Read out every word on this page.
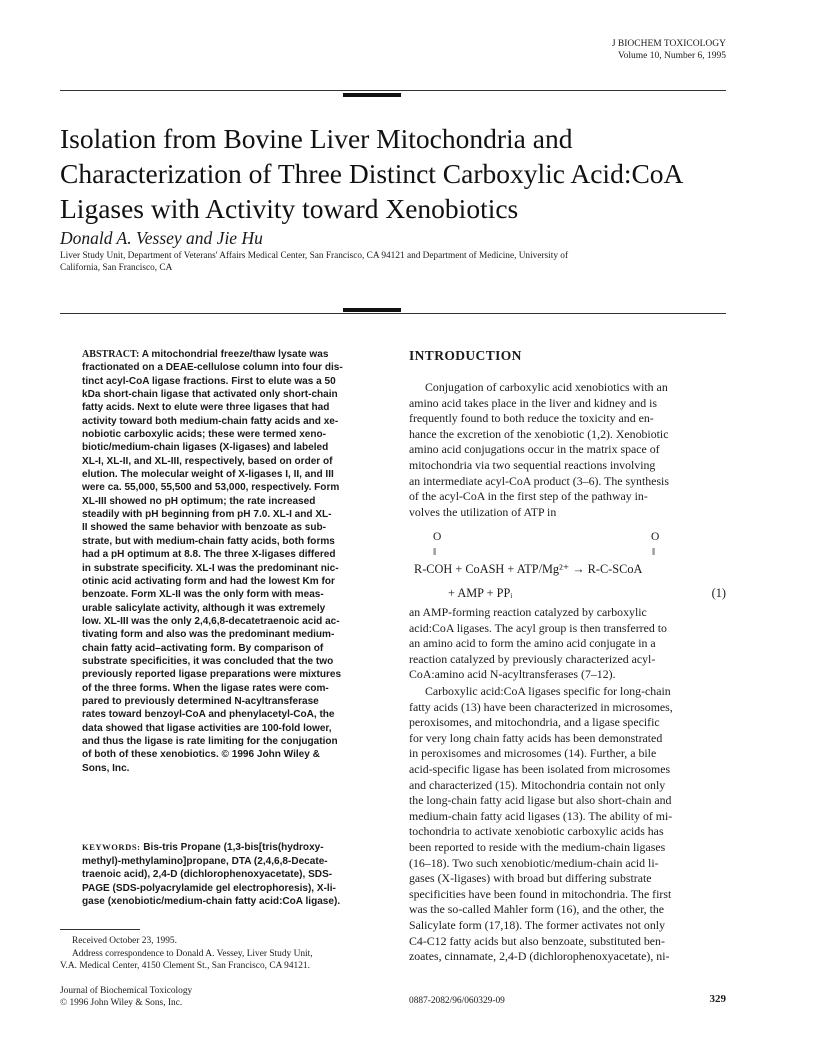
J BIOCHEM TOXICOLOGY
Volume 10, Number 6, 1995
Isolation from Bovine Liver Mitochondria and
Characterization of Three Distinct Carboxylic Acid:CoA
Ligases with Activity toward Xenobiotics
Donald A. Vessey and Jie Hu
Liver Study Unit, Department of Veterans' Affairs Medical Center, San Francisco, CA 94121 and Department of Medicine, University of
California, San Francisco, CA
ABSTRACT: A mitochondrial freeze/thaw lysate was
fractionated on a DEAE-cellulose column into four dis-
tinct acyl-CoA ligase fractions. First to elute was a 50
kDa short-chain ligase that activated only short-chain
fatty acids. Next to elute were three ligases that had
activity toward both medium-chain fatty acids and xe-
nobiotic carboxylic acids; these were termed xeno-
biotic/medium-chain ligases (X-ligases) and labeled
XL-I, XL-II, and XL-III, respectively, based on order of
elution. The molecular weight of X-ligases I, II, and III
were ca. 55,000, 55,500 and 53,000, respectively. Form
XL-III showed no pH optimum; the rate increased
steadily with pH beginning from pH 7.0. XL-I and XL-
II showed the same behavior with benzoate as sub-
strate, but with medium-chain fatty acids, both forms
had a pH optimum at 8.8. The three X-ligases differed
in substrate specificity. XL-I was the predominant nic-
otinic acid activating form and had the lowest Km for
benzoate. Form XL-II was the only form with meas-
urable salicylate activity, although it was extremely
low. XL-III was the only 2,4,6,8-decatetraenoic acid ac-
tivating form and also was the predominant medium-
chain fatty acid–activating form. By comparison of
substrate specificities, it was concluded that the two
previously reported ligase preparations were mixtures
of the three forms. When the ligase rates were com-
pared to previously determined N-acyltransferase
rates toward benzoyl-CoA and phenylacetyl-CoA, the
data showed that ligase activities are 100-fold lower,
and thus the ligase is rate limiting for the conjugation
of both of these xenobiotics. © 1996 John Wiley &
Sons, Inc.
KEYWORDS: Bis-tris Propane (1,3-bis[tris(hydroxy-
methyl)-methylamino]propane, DTA (2,4,6,8-Decate-
traenoic acid), 2,4-D (dichlorophenoxyacetate), SDS-
PAGE (SDS-polyacrylamide gel electrophoresis), X-li-
gase (xenobiotic/medium-chain fatty acid:CoA ligase).

Received October 23, 1995.

Address correspondence to Donald A. Vessey, Liver Study Unit,

V.A. Medical Center, 4150 Clement St., San Francisco, CA 94121.

Journal of Biochemical Toxicology
© 1996 John Wiley & Sons, Inc.	0887-2082/96/060329-09	329
INTRODUCTION
Conjugation of carboxylic acid xenobiotics with an
amino acid takes place in the liver and kidney and is
frequently found to both reduce the toxicity and en-
hance the excretion of the xenobiotic (1,2). Xenobiotic
amino acid conjugations occur in the matrix space of
mitochondria via two sequential reactions involving
an intermediate acyl-CoA product (3–6). The synthesis
of the acyl-CoA in the first step of the pathway in-
volves the utilization of ATP in
O	O
‖	‖
R-COH + CoASH + ATP/Mg²⁺ → R-C-SCoA
+ AMP + PPᵢ	(1)
an AMP-forming reaction catalyzed by carboxylic
acid:CoA ligases. The acyl group is then transferred to
an amino acid to form the amino acid conjugate in a
reaction catalyzed by previously characterized acyl-
CoA:amino acid N-acyltransferases (7–12).
Carboxylic acid:CoA ligases specific for long-chain
fatty acids (13) have been characterized in microsomes,
peroxisomes, and mitochondria, and a ligase specific
for very long chain fatty acids has been demonstrated
in peroxisomes and microsomes (14). Further, a bile
acid-specific ligase has been isolated from microsomes
and characterized (15). Mitochondria contain not only
the long-chain fatty acid ligase but also short-chain and
medium-chain fatty acid ligases (13). The ability of mi-
tochondria to activate xenobiotic carboxylic acids has
been reported to reside with the medium-chain ligases
(16–18). Two such xenobiotic/medium-chain acid li-
gases (X-ligases) with broad but differing substrate
specificities have been found in mitochondria. The first
was the so-called Mahler form (16), and the other, the
Salicylate form (17,18). The former activates not only
C4-C12 fatty acids but also benzoate, substituted ben-
zoates, cinnamate, 2,4-D (dichlorophenoxyacetate), ni-
